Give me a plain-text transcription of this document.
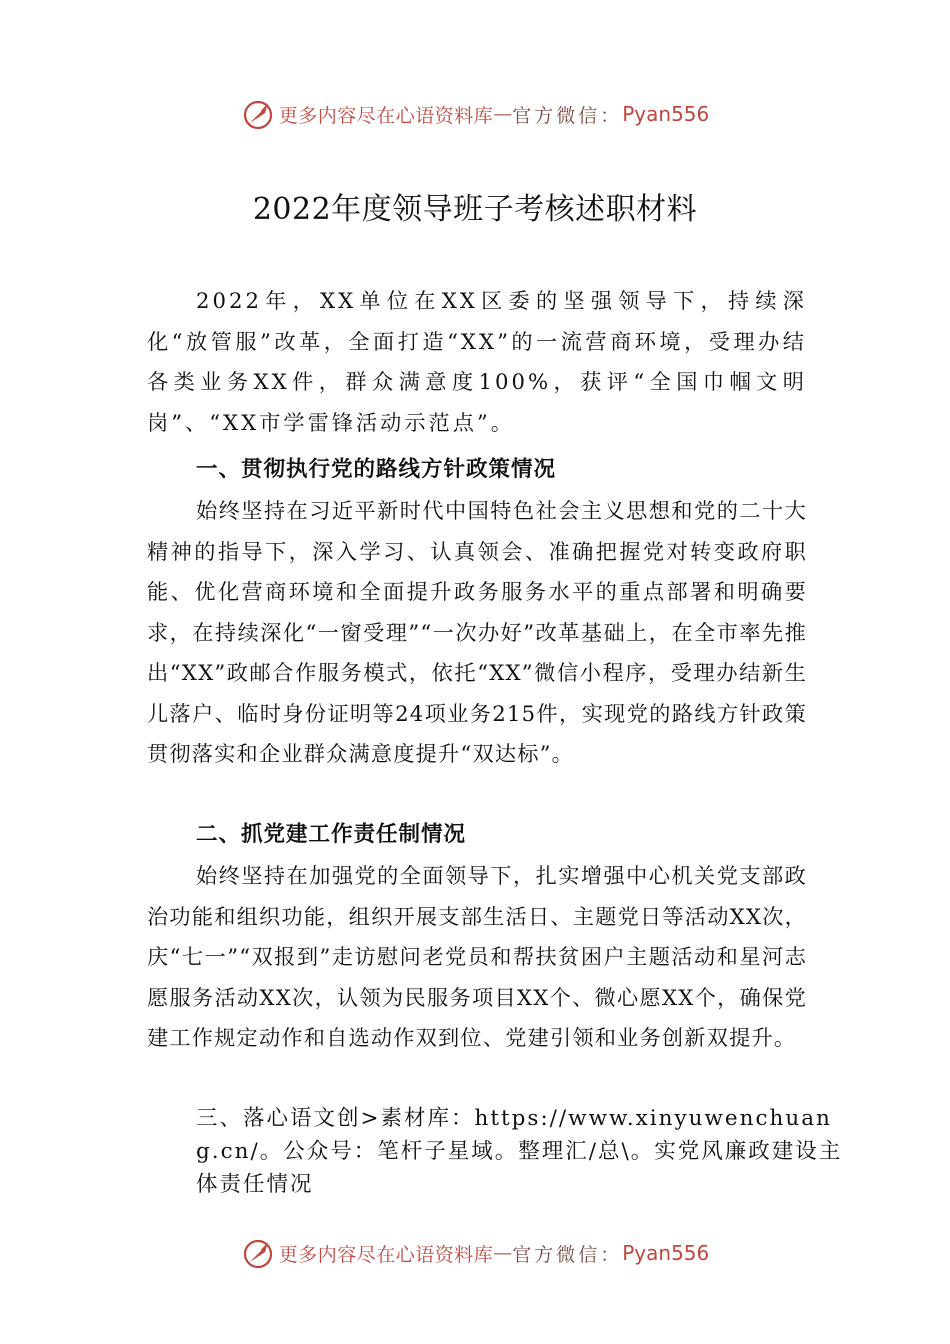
更多内容尽在心语资料库 — 官方微信： Pyan556
2022年度领导班子考核述职材料
2022年，XX单位在XX区委的坚强领导下，持续深化“放管服”改革，全面打造“XX”的一流营商环境，受理办结各类业务XX件，群众满意度100%，获评“全国巾帼文明岗”、“XX市学雷锋活动示范点”。
一、贯彻执行党的路线方针政策情况
始终坚持在习近平新时代中国特色社会主义思想和党的二十大精神的指导下，深入学习、认真领会、准确把握党对转变政府职能、优化营商环境和全面提升政务服务水平的重点部署和明确要求，在持续深化“一窗受理”“一次办好”改革基础上，在全市率先推出“XX”政邮合作服务模式，依托“XX”微信小程序，受理办结新生儿落户、临时身份证明等24项业务215件，实现党的路线方针政策贯彻落实和企业群众满意度提升“双达标”。
二、抓党建工作责任制情况
始终坚持在加强党的全面领导下，扎实增强中心机关党支部政治功能和组织功能，组织开展支部生活日、主题党日等活动XX次，庆“七一”“双报到”走访慰问老党员和帮扶贫困户主题活动和星河志愿服务活动XX次，认领为民服务项目XX个、微心愿XX个，确保党建工作规定动作和自选动作双到位、党建引领和业务创新双提升。
三、落心语文创>素材库：https://www.xinyuwenchuang.cn/。公众号：笔杆子星域。整理汇/总\。实党风廉政建设主体责任情况
更多内容尽在心语资料库 — 官方微信： Pyan556
